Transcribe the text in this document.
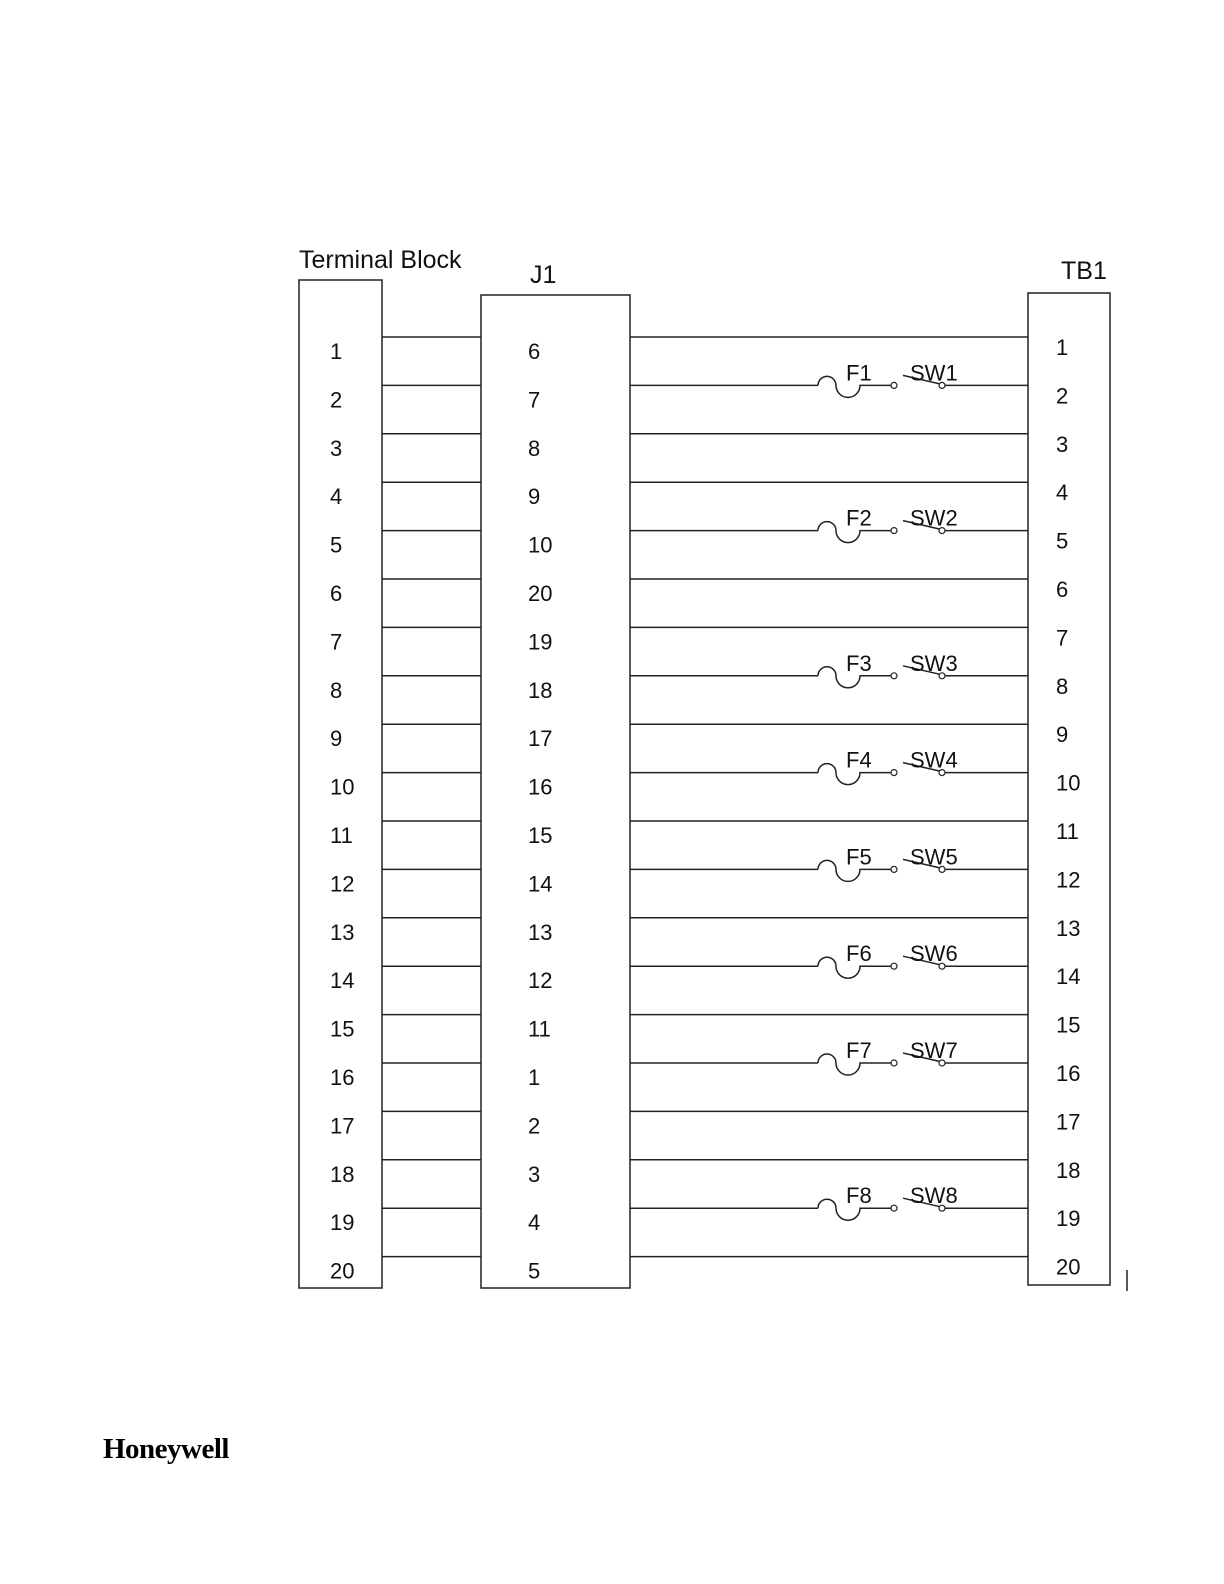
Terminal Block
J1	TB1
1	6	1
2	7	2
3	8	3
4	9	4
5	10	5
6	20	6
7	19	7
8	18	8
9	17	9
10	16	10
11	15	11
12	14	12
13	13	13
14	12	14
15	11	15
16	1	16
17	2	17
18	3	18
19	4	19
20	5	20
F1 SW1
F2 SW2
F3 SW3
F4 SW4
F5 SW5
F6 SW6
F7 SW7
F8 SW8
Honeywell
